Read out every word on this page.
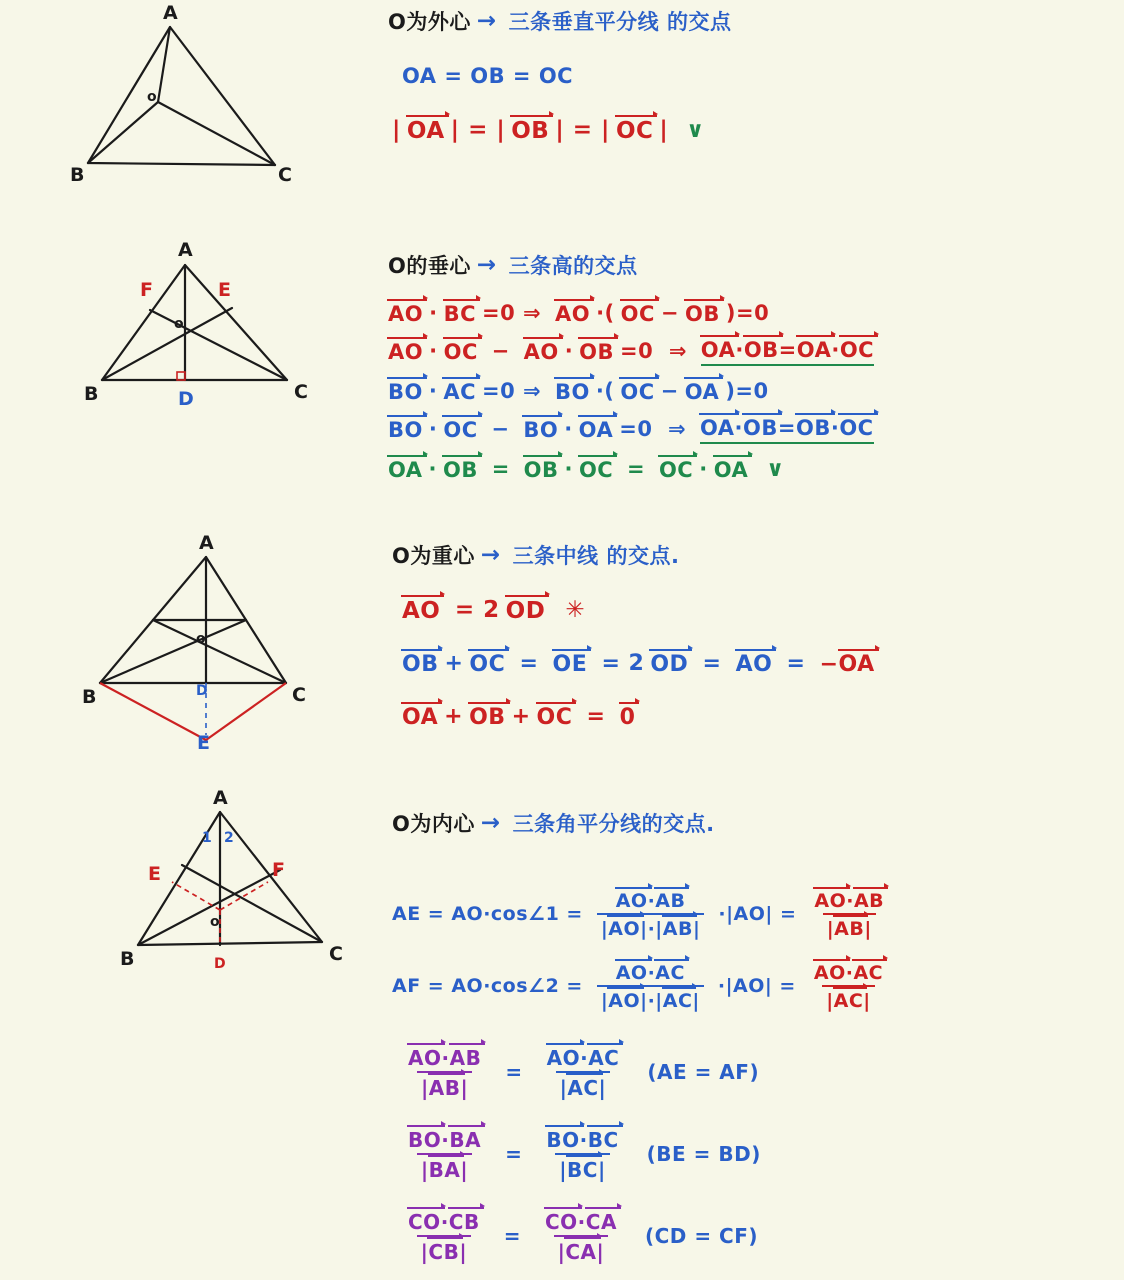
A
B	C
o
O为外心 → 三条垂直平分线 的交点
OA = OB = OC
| OA | = | OB | = | OC | ∨
A
B	C
F	E
D
o
O的垂心 → 三条高的交点
AO · BC =0 ⇒ AO ·( OC − OB )=0
AO · OC − AO · OB =0  ⇒ OA·OB=OA·OC
BO · AC =0 ⇒ BO ·( OC − OA )=0
BO · OC − BO · OA =0  ⇒ OA·OB=OB·OC
OA · OB = OB · OC = OC · OA ∨
A
B	C
D
E
o
O为重心 → 三条中线 的交点.
AO = 2 OD ✳
OB + OC = OE = 2 OD = AO = −OA
OA + OB + OC = 0
A
B	C
E	F
D
1 2
o
O为内心 → 三条角平分线的交点.
AE = AO·cos∠1 = $\frac{AO\cdot AB}{|AO|\cdot|AB|} \cdot|AO| = \frac{AO\cdot AB}{|AB|}$
AF = AO·cos∠2 = $\frac{AO\cdot AC}{|AO|\cdot|AC|} \cdot|AO| = \frac{AO\cdot AC}{|AC|}$
$\frac{AO\cdot AB}{|AB|} = \frac{AO\cdot AC}{|AC|} (AE = AF)$
$\frac{BO\cdot BA}{|BA|} = \frac{BO\cdot BC}{|BC|} (BE = BD)$
$\frac{CO\cdot CB}{|CB|} = \frac{CO\cdot CA}{|CA|} (CD = CF)$
